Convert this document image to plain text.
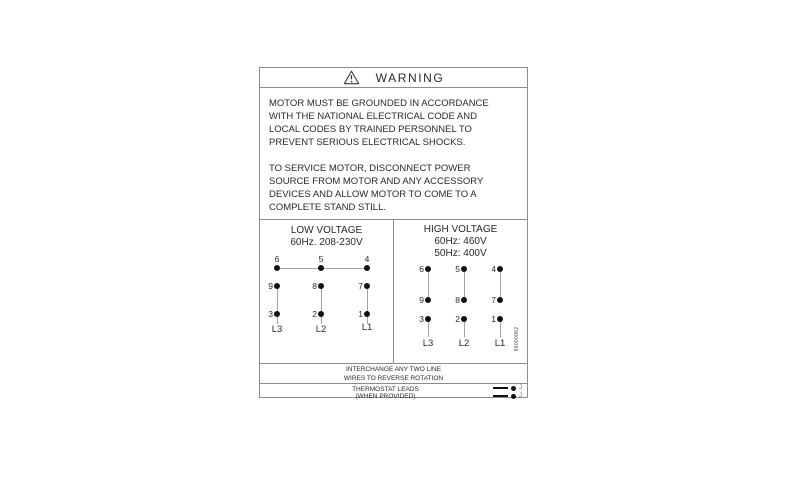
WARNING
MOTOR MUST BE GROUNDED IN ACCORDANCE
WITH THE NATIONAL ELECTRICAL CODE AND
LOCAL CODES BY TRAINED PERSONNEL TO
PREVENT SERIOUS ELECTRICAL SHOCKS.
TO SERVICE MOTOR, DISCONNECT POWER
SOURCE FROM MOTOR AND ANY ACCESSORY
DEVICES AND ALLOW MOTOR TO COME TO A
COMPLETE STAND STILL.
LOW VOLTAGE
60Hz. 208-230V
6	5	4
9	8	7
3	2	1
L3	L2	L1
HIGH VOLTAGE
60Hz: 460V
50Hz: 400V
6	5	4
9	8	7
3	2	1
L3	L2	L1	96000062
INTERCHANGE ANY TWO LINE
WIRES TO REVERSE ROTATION
THERMOSTAT LEADS
(WHEN PROVIDED)
J
J
